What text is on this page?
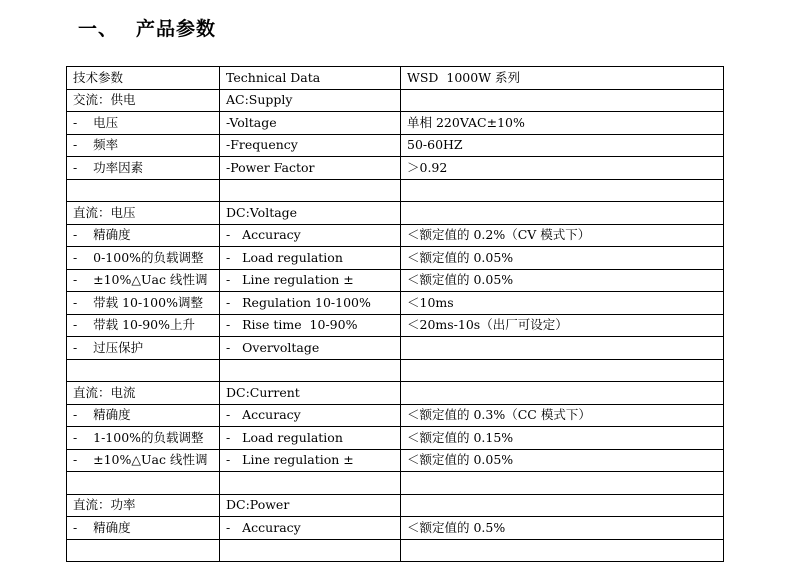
一、 产品参数
技术参数	Technical Data	WSD  1000W 系列
交流：供电	AC:Supply	
-    电压	-Voltage	单相 220VAC±10%
-    频率	-Frequency	50-60HZ
-    功率因素	-Power Factor	＞0.92

直流：电压	DC:Voltage	
-    精确度	-   Accuracy	＜额定值的 0.2%（CV 模式下）
-    0-100%的负载调整	-   Load regulation	＜额定值的 0.05%
-    ±10%△Uac 线性调	-   Line regulation ±	＜额定值的 0.05%
-    带载 10-100%调整	-   Regulation 10-100%	＜10ms
-    带载 10-90%上升	-   Rise time  10-90%	＜20ms-10s（出厂可设定）
-    过压保护	-   Overvoltage	

直流：电流	DC:Current	
-    精确度	-   Accuracy	＜额定值的 0.3%（CC 模式下）
-    1-100%的负载调整	-   Load regulation	＜额定值的 0.15%
-    ±10%△Uac 线性调	-   Line regulation ±	＜额定值的 0.05%

直流：功率	DC:Power	
-    精确度	-   Accuracy	＜额定值的 0.5%
